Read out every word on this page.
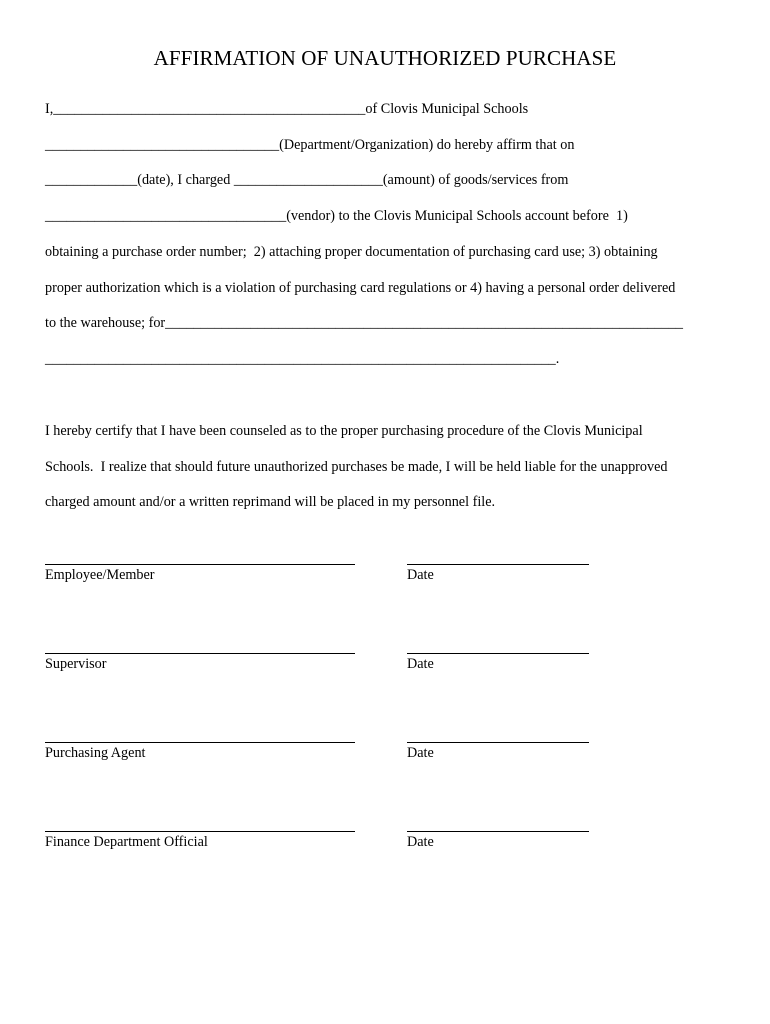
AFFIRMATION OF UNAUTHORIZED PURCHASE
I,____________________________________________of Clovis Municipal Schools
_________________________________(Department/Organization) do hereby affirm that on
_____________(date), I charged _____________________(amount) of goods/services from
__________________________________(vendor) to the Clovis Municipal Schools account before  1)
obtaining a purchase order number;  2) attaching proper documentation of purchasing card use; 3) obtaining
proper authorization which is a violation of purchasing card regulations or 4) having a personal order delivered
to the warehouse; for_________________________________________________________________________
________________________________________________________________________.
I hereby certify that I have been counseled as to the proper purchasing procedure of the Clovis Municipal
Schools.  I realize that should future unauthorized purchases be made, I will be held liable for the unapproved
charged amount and/or a written reprimand will be placed in my personnel file.
Employee/Member	Date
Supervisor	Date
Purchasing Agent	Date
Finance Department Official	Date
